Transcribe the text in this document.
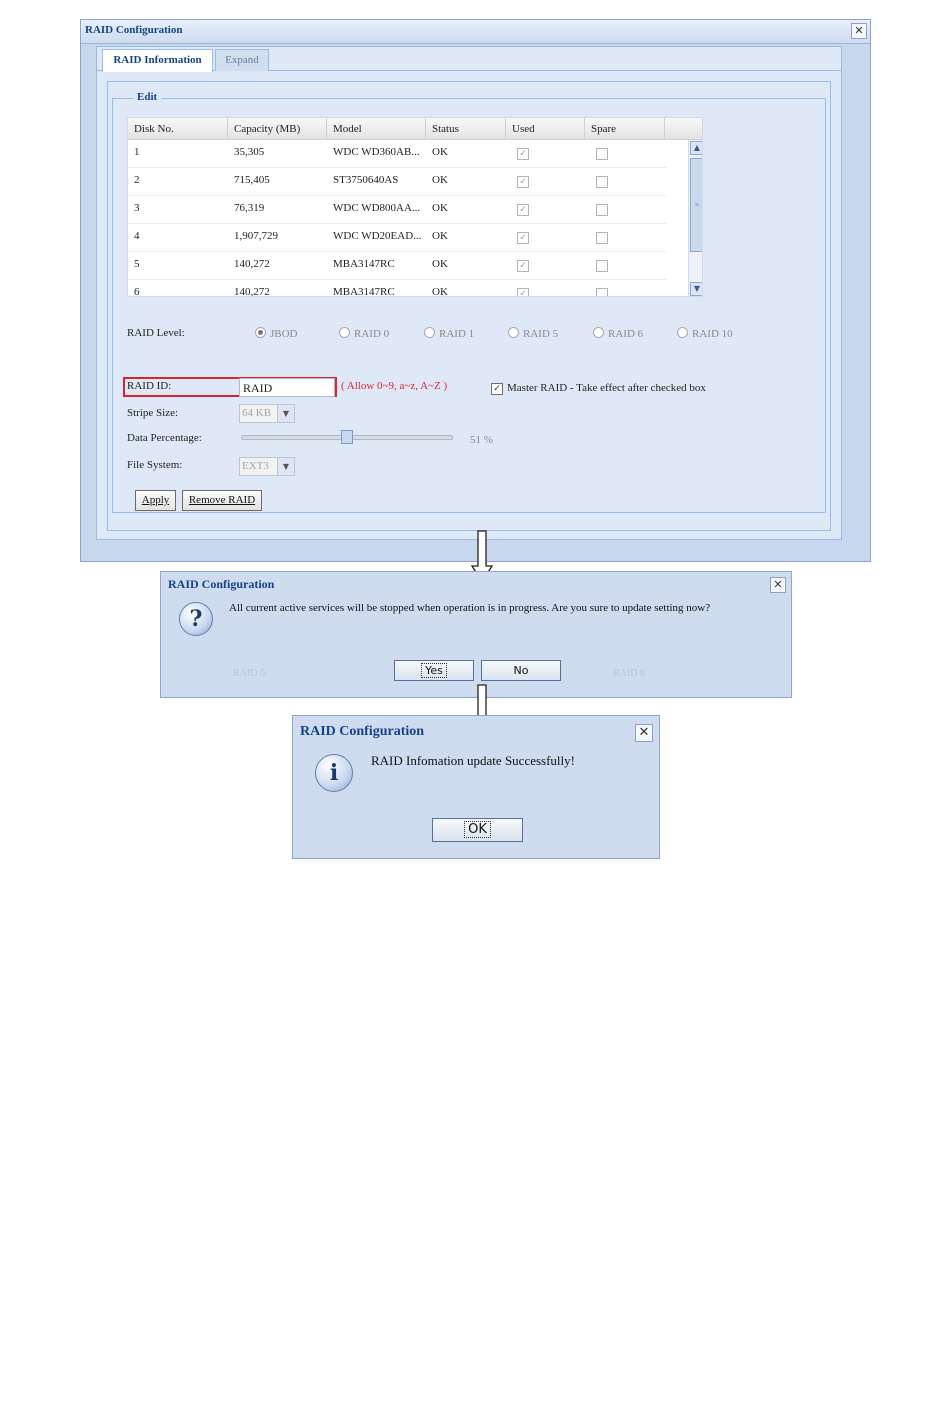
RAID Configuration	✕
RAID Information	Expand
Edit
Disk No.	Capacity (MB)	Model	Status	Used	Spare
1	35,305	WDC WD360AB...	OK	✓
2	715,405	ST3750640AS	OK	✓
3	76,319	WDC WD800AA...	OK	✓
4	1,907,729	WDC WD20EAD... OK	✓
5	140,272	MBA3147RC	OK	✓
6	140,272	MBA3147RC	OK	✓
▲
≡
▼
RAID Level:	JBOD	RAID 0	RAID 1	RAID 5	RAID 6	RAID 10
RAID ID:	RAID	( Allow 0~9, a~z, A~Z )	✓ Master RAID - Take effect after checked box
Stripe Size:	64 KB	▼
Data Percentage:	51 %
File System:	EXT3	▼
Apply	Remove RAID
RAID Configuration	✕
?	All current active services will be stopped when operation is in progress. Are you sure to update setting now?
RAID 0	RAID 6
Yes	No
RAID Configuration	✕
i	RAID Infomation update Successfully!
OK
